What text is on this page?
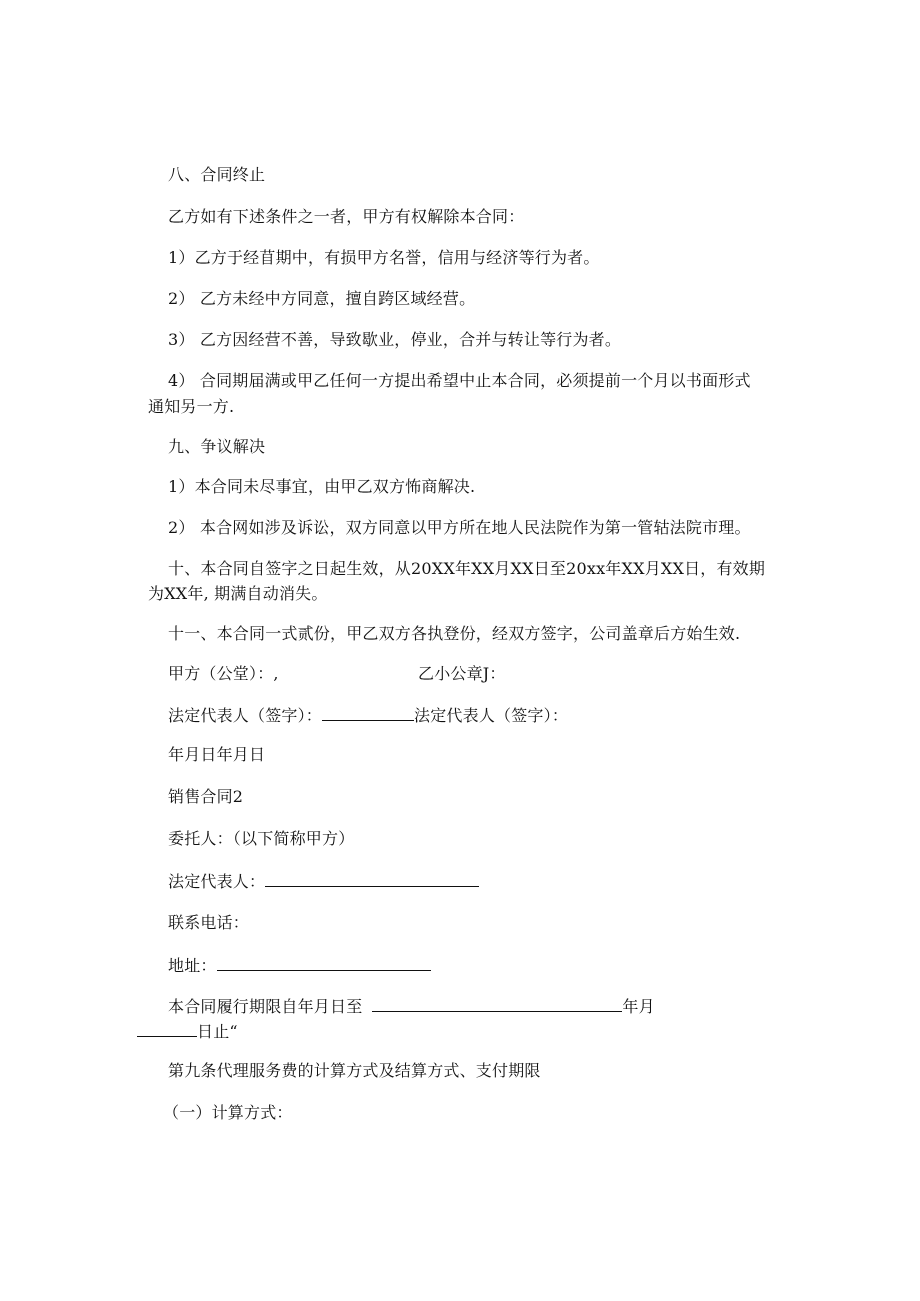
八、合同终止
乙方如有下述条件之一者，甲方有权解除本合同：
1）乙方于经苜期中，有损甲方名誉，信用与经济等行为者。
2） 乙方未经中方同意，擅自跨区域经营。
3） 乙方因经营不善，导致歇业，停业，合并与转让等行为者。
4） 合同期届满或甲乙任何一方提出希望中止本合同，必须提前一个月以书面形式
通知另一方.
九、争议解决
1）本合同未尽事宜，由甲乙双方怖商解决.
2） 本合网如涉及诉讼，双方同意以甲方所在地人民法院作为第一管轱法院市理。
十、本合同自签字之日起生效，从20XX年XX月XX日至20xx年XX月XX日，有效期
为XX年, 期满自动消失。
十一、本合同一式贰份，甲乙双方各执登份，经双方签字，公司盖章后方始生效.
甲方（公堂）：,	乙小公章J：
法定代表人（签字）：	法定代表人（签字）：
年月日年月日
销售合同2
委托人：（以下简称甲方）
法定代表人：
联系电话：
地址：
本合同履行期限自年月日至	年月
日止“
第九条代理服务费的计算方式及结算方式、支付期限
（一）计算方式：
